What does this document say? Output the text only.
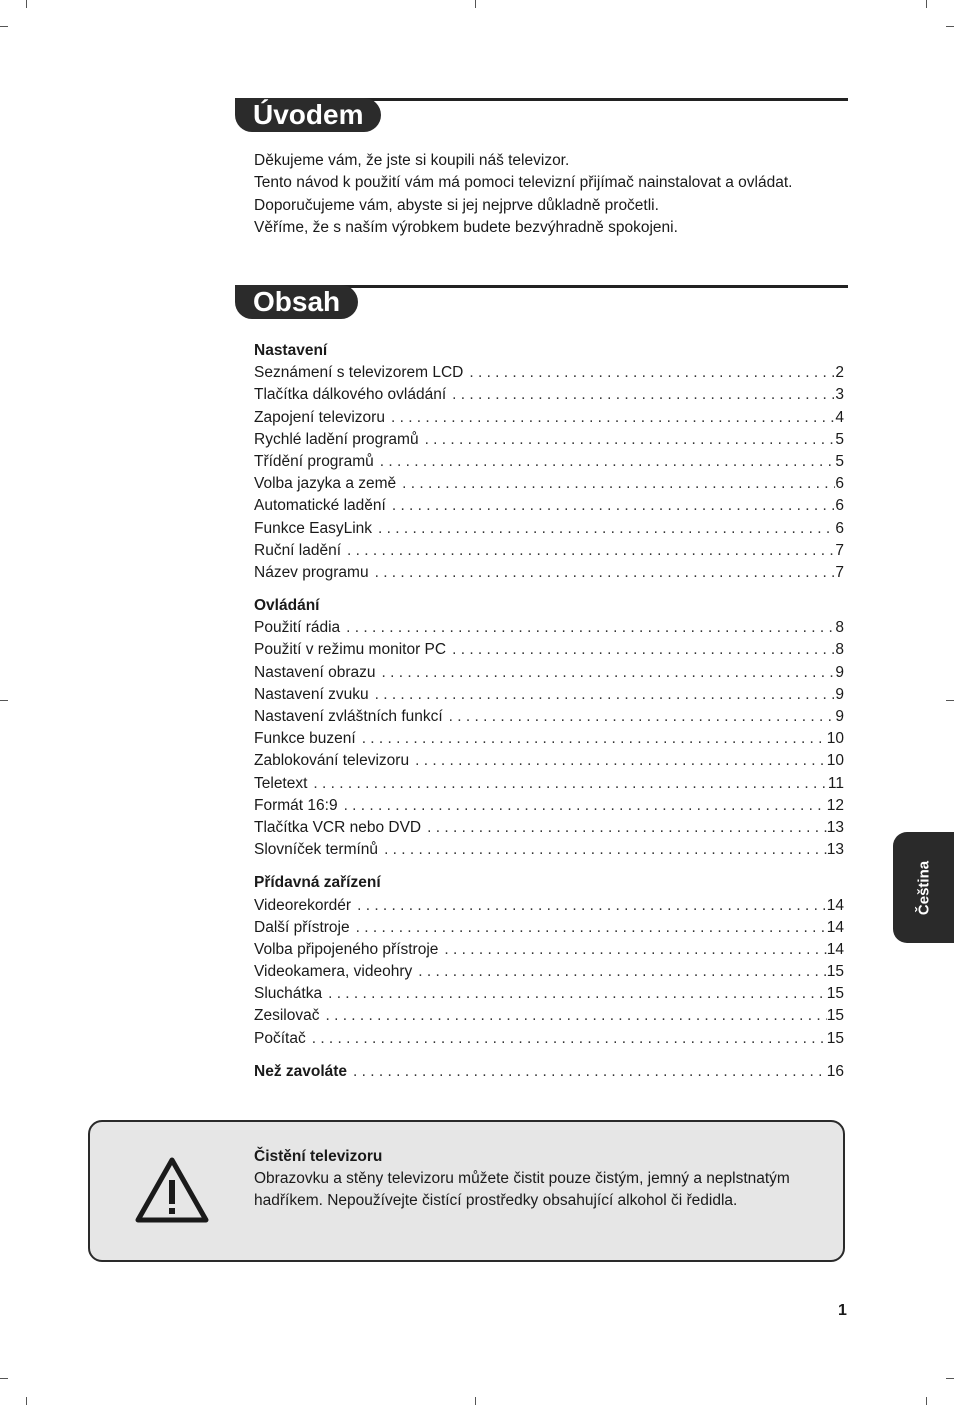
Úvodem

Děkujeme vám, že jste si koupili náš televizor.

Tento návod k použití vám má pomoci televizní přijímač nainstalovat a ovládat.

Doporučujeme vám, abyste si jej nejprve důkladně pročetli.

Věříme, že s naším výrobkem budete bezvýhradně spokojeni.

Obsah
Nastavení
Seznámení s televizorem LCD . . .	2
Tlačítka dálkového ovládání . . .	3
Zapojení televizoru . . .	4
Rychlé ladění programů . . .	5
Třídění programů . . .	5
Volba jazyka a země . . .	6
Automatické ladění . . .	6
Funkce EasyLink . . .	6
Ruční ladění . . .	7
Název programu . . .	7
Ovládání
Použití rádia . . .	8
Použití v režimu monitor PC . . .	8
Nastavení obrazu . . .	9
Nastavení zvuku . . .	9
Nastavení zvláštních funkcí . . .	9
Funkce buzení . . .	10
Zablokování televizoru . . .	10
Teletext . . .	11
Formát 16:9 . . .	12
Tlačítka VCR nebo DVD . . .	13
Slovníček termínů . . .	13
Přídavná zařízení
Videorekordér . . .	14
Další přístroje . . .	14
Volba připojeného přístroje . . .	14
Videokamera, videohry . . .	15
Sluchátka . . .	15
Zesilovač . . .	15
Počítač . . .	15
Než zavoláte . . .	16
Čistění televizoru
Obrazovku a stěny televizoru můžete čistit pouze čistým, jemný a neplstnatým hadříkem. Nepoužívejte čistící prostředky obsahující alkohol či ředidla.
Čeština
1
